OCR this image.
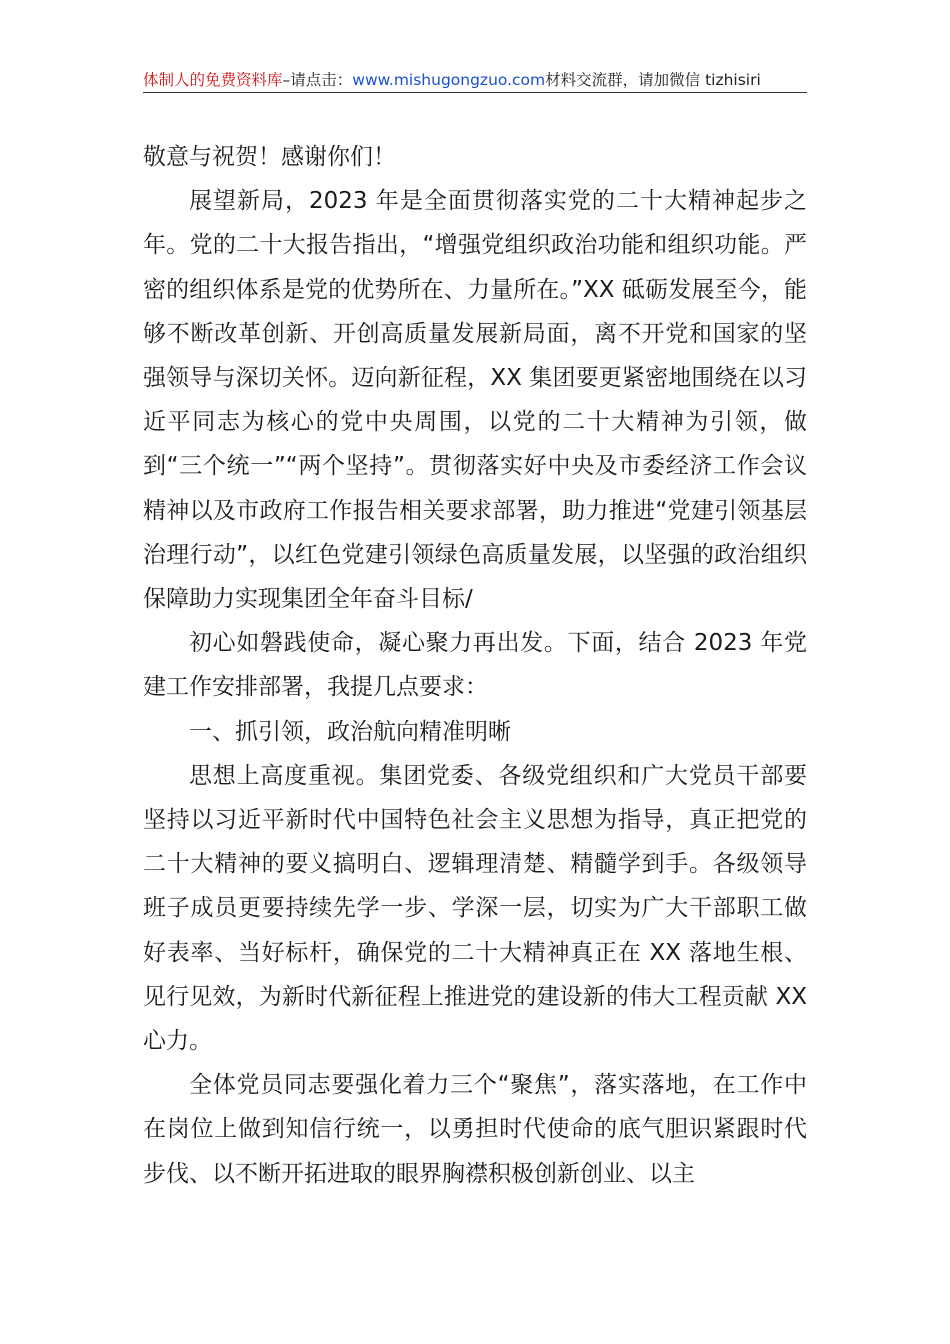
体制人的免费资料库–请点击：www.mishugongzuo.com材料交流群，请加微信 tizhisiri

敬意与祝贺！感谢你们！

展望新局，2023 年是全面贯彻落实党的二十大精神起步之年。党的二十大报告指出，“增强党组织政治功能和组织功能。严密的组织体系是党的优势所在、力量所在。”XX 砥砺发展至今，能够不断改革创新、开创高质量发展新局面，离不开党和国家的坚强领导与深切关怀。迈向新征程，XX 集团要更紧密地围绕在以习近平同志为核心的党中央周围，以党的二十大精神为引领，做到“三个统一”“两个坚持”。贯彻落实好中央及市委经济工作会议精神以及市政府工作报告相关要求部署，助力推进“党建引领基层治理行动”，以红色党建引领绿色高质量发展，以坚强的政治组织保障助力实现集团全年奋斗目标/

初心如磐践使命，凝心聚力再出发。下面，结合 2023 年党建工作安排部署，我提几点要求：

一、抓引领，政治航向精准明晰

思想上高度重视。集团党委、各级党组织和广大党员干部要坚持以习近平新时代中国特色社会主义思想为指导，真正把党的二十大精神的要义搞明白、逻辑理清楚、精髓学到手。各级领导班子成员更要持续先学一步、学深一层，切实为广大干部职工做好表率、当好标杆，确保党的二十大精神真正在 XX 落地生根、见行见效，为新时代新征程上推进党的建设新的伟大工程贡献 XX 心力。

全体党员同志要强化着力三个“聚焦”，落实落地，在工作中在岗位上做到知信行统一，以勇担时代使命的底气胆识紧跟时代步伐、以不断开拓进取的眼界胸襟积极创新创业、以主
